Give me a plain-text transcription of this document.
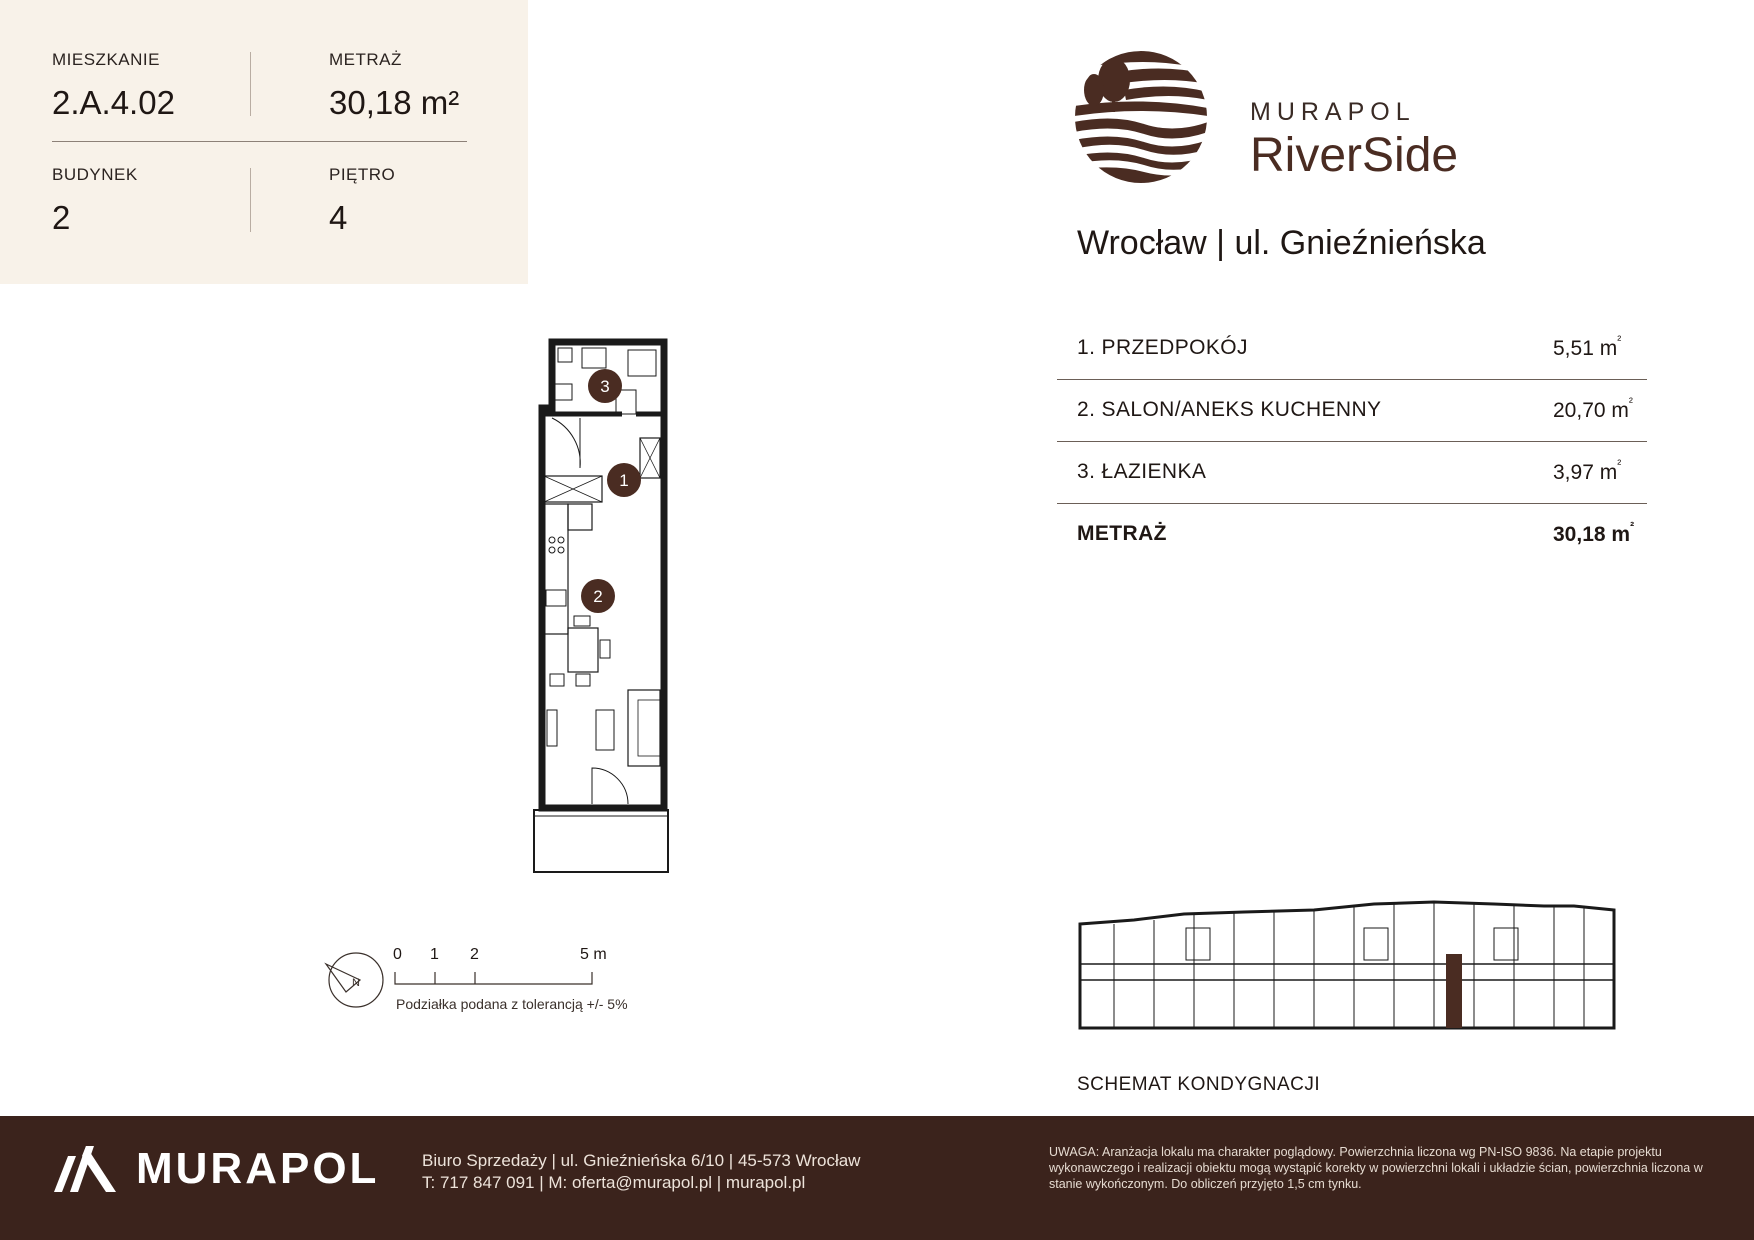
MIESZKANIE
2.A.4.02
METRAŻ
30,18 m²
BUDYNEK
2
PIĘTRO
4
MURAPOL
RiverSide
Wrocław | ul. Gnieźnieńska
1. PRZEDPOKÓJ	5,51 $m^{^2}$
2. SALON/ANEKS KUCHENNY	20,70 $m^{^2}$
3. ŁAZIENKA	3,97 $m^{^2}$
METRAŻ	30,18 $m^{^2}$
3
1
2
N
0 1 2	5 m
Podziałka podana z tolerancją +/- 5%
SCHEMAT KONDYGNACJI
MURAPOL	Biuro Sprzedaży | ul. Gnieźnieńska 6/10 | 45-573 Wrocław
T: 717 847 091 | M: oferta@murapol.pl | murapol.pl
UWAGA: Aranżacja lokalu ma charakter poglądowy. Powierzchnia liczona wg PN-ISO 9836. Na etapie projektu wykonawczego i realizacji obiektu mogą wystąpić korekty w powierzchni lokali i układzie ścian, powierzchnia liczona w stanie wykończonym. Do obliczeń przyjęto 1,5 cm tynku.
